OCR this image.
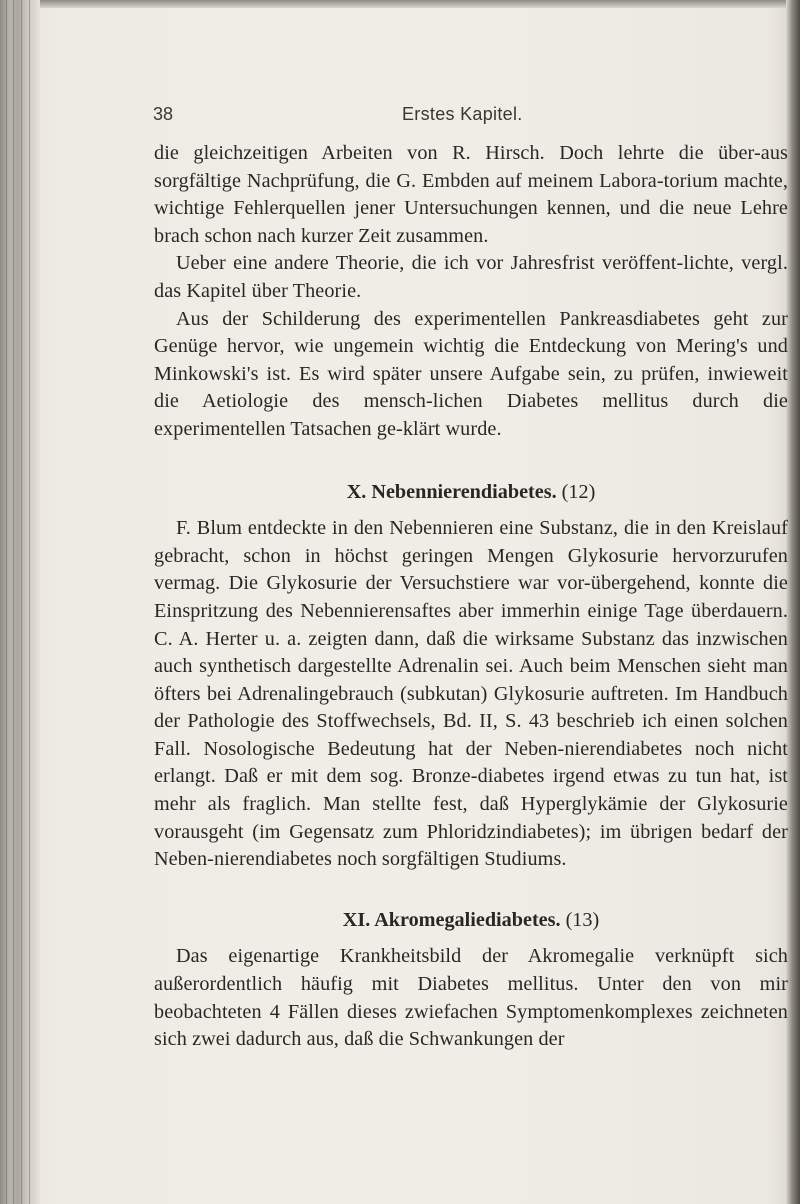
38	Erstes Kapitel.

die gleichzeitigen Arbeiten von R. Hirsch. Doch lehrte die über-aus sorgfältige Nachprüfung, die G. Embden auf meinem Labora-torium machte, wichtige Fehlerquellen jener Untersuchungen kennen, und die neue Lehre brach schon nach kurzer Zeit zusammen.

Ueber eine andere Theorie, die ich vor Jahresfrist veröffent-lichte, vergl. das Kapitel über Theorie.

Aus der Schilderung des experimentellen Pankreasdiabetes geht zur Genüge hervor, wie ungemein wichtig die Entdeckung von Mering's und Minkowski's ist. Es wird später unsere Aufgabe sein, zu prüfen, inwieweit die Aetiologie des mensch-lichen Diabetes mellitus durch die experimentellen Tatsachen ge-klärt wurde.

X. Nebennierendiabetes. (12)

F. Blum entdeckte in den Nebennieren eine Substanz, die in den Kreislauf gebracht, schon in höchst geringen Mengen Glykosurie hervorzurufen vermag. Die Glykosurie der Versuchstiere war vor-übergehend, konnte die Einspritzung des Nebennierensaftes aber immerhin einige Tage überdauern. C. A. Herter u. a. zeigten dann, daß die wirksame Substanz das inzwischen auch synthetisch dargestellte Adrenalin sei. Auch beim Menschen sieht man öfters bei Adrenalingebrauch (subkutan) Glykosurie auftreten. Im Handbuch der Pathologie des Stoffwechsels, Bd. II, S. 43 beschrieb ich einen solchen Fall. Nosologische Bedeutung hat der Neben-nierendiabetes noch nicht erlangt. Daß er mit dem sog. Bronze-diabetes irgend etwas zu tun hat, ist mehr als fraglich. Man stellte fest, daß Hyperglykämie der Glykosurie vorausgeht (im Gegensatz zum Phloridzindiabetes); im übrigen bedarf der Neben-nierendiabetes noch sorgfältigen Studiums.

XI. Akromegaliediabetes. (13)

Das eigenartige Krankheitsbild der Akromegalie verknüpft sich außerordentlich häufig mit Diabetes mellitus. Unter den von mir beobachteten 4 Fällen dieses zwiefachen Symptomenkomplexes zeichneten sich zwei dadurch aus, daß die Schwankungen der
